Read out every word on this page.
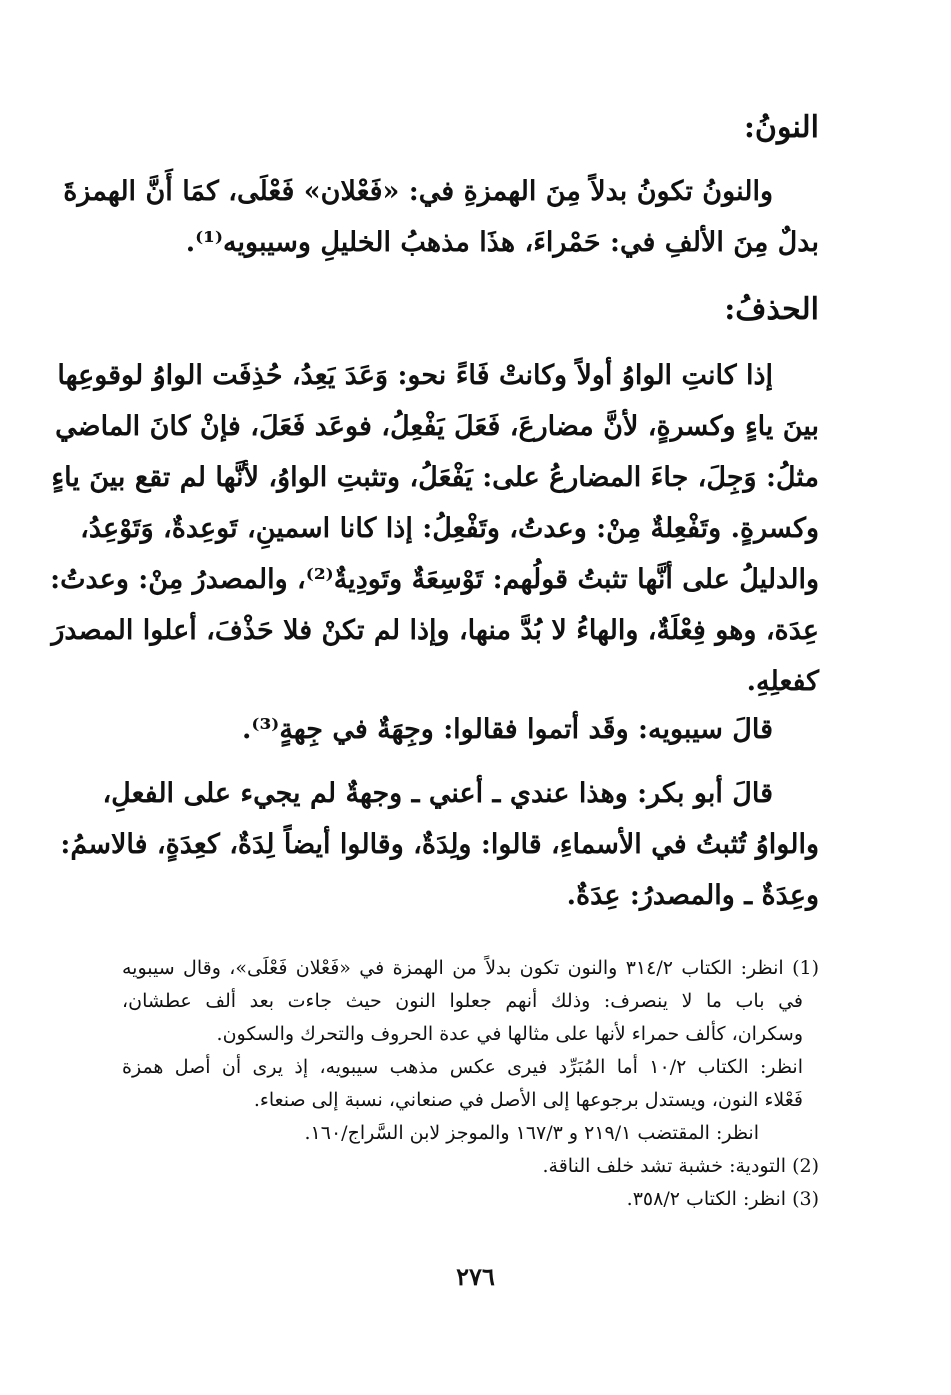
النونُ:
والنونُ تكونُ بدلاً مِنَ الهمزةِ في: «فَعْلان» فَعْلَى، كمَا أَنَّ الهمزةَ
بدلٌ مِنَ الألفِ في: حَمْراءَ، هذَا مذهبُ الخليلِ وسيبويه⁽¹⁾.
الحذفُ:
إذا كانتِ الواوُ أولاً وكانتْ فَاءً نحو: وَعَدَ يَعِدُ، حُذِفَت الواوُ لوقوعِها
بينَ ياءٍ وكسرةٍ، لأنَّ مضارعَ، فَعَلَ يَفْعِلُ، فوعَد فَعَلَ، فإنْ كانَ الماضي
مثلُ: وَجِلَ، جاءَ المضارعُ على: يَفْعَلُ، وتثبتِ الواوُ، لأنَّها لم تقع بينَ ياءٍ
وكسرةٍ. وتَفْعِلةٌ مِنْ: وعدتُ، وتَفْعِلُ: إذا كانا اسمينِ، تَوعِدةٌ، وَتَوْعِدُ،
والدليلُ على أنَّها تثبتُ قولُهم: تَوْسِعَةٌ وتَودِيةٌ⁽²⁾، والمصدرُ مِنْ: وعدتُ:
عِدَة، وهو فِعْلَةٌ، والهاءُ لا بُدَّ منها، وإذا لم تكنْ فلا حَذْفَ، أعلوا المصدرَ
كفعلِهِ.
قالَ سيبويه: وقَد أتموا فقالوا: وجِهَةٌ في جِهةٍ⁽³⁾.
قالَ أبو بكر: وهذا عندي ـ أعني ـ وجهةٌ لم يجيء على الفعلِ،
والواوُ تُثبتُ في الأسماءِ، قالوا: ولِدَةٌ، وقالوا أيضاً لِدَةٌ، كعِدَةٍ، فالاسمُ:
وعِدَةٌ ـ والمصدرُ: عِدَةٌ.
(1) انظر: الكتاب ٣١٤/٢ والنون تكون بدلاً من الهمزة في «فَعْلان فَعْلَى»، وقال سيبويه
في باب ما لا ينصرف: وذلك أنهم جعلوا النون حيث جاءت بعد ألف عطشان،
وسكران، كألف حمراء لأنها على مثالها في عدة الحروف والتحرك والسكون.
انظر: الكتاب ١٠/٢ أما المُبَرِّد فيرى عكس مذهب سيبويه، إذ يرى أن أصل همزة
فَعْلاء النون، ويستدل برجوعها إلى الأصل في صنعاني، نسبة إلى صنعاء.
انظر: المقتضب ٢١٩/١ و ١٦٧/٣ والموجز لابن السَّراج/١٦٠.
(2) التودية: خشبة تشد خلف الناقة.
(3) انظر: الكتاب ٣٥٨/٢.
٢٧٦
